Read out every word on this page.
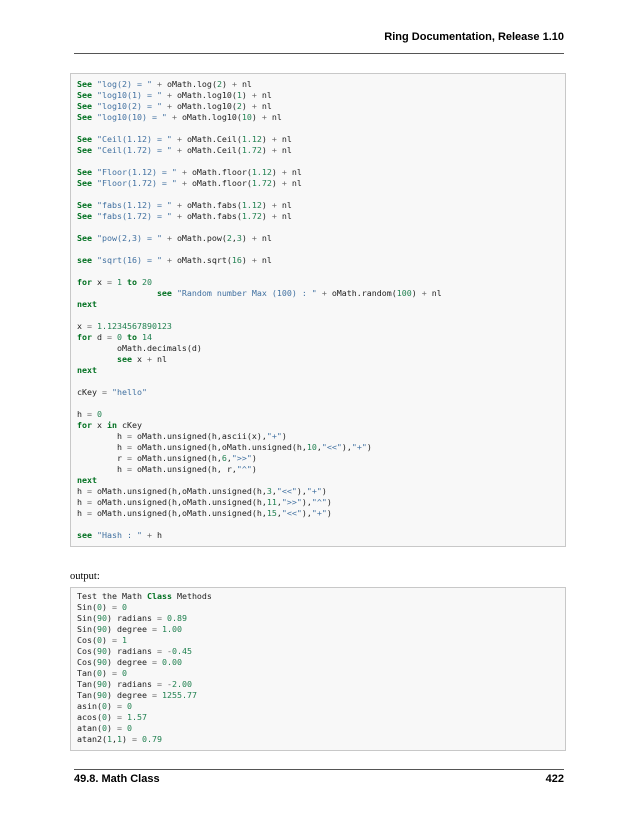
Ring Documentation, Release 1.10
See "log(2) = " + oMath.log(2) + nl
See "log10(1) = " + oMath.log10(1) + nl
See "log10(2) = " + oMath.log10(2) + nl
See "log10(10) = " + oMath.log10(10) + nl
See "Ceil(1.12) = " + oMath.Ceil(1.12) + nl
See "Ceil(1.72) = " + oMath.Ceil(1.72) + nl
See "Floor(1.12) = " + oMath.floor(1.12) + nl
See "Floor(1.72) = " + oMath.floor(1.72) + nl
See "fabs(1.12) = " + oMath.fabs(1.12) + nl
See "fabs(1.72) = " + oMath.fabs(1.72) + nl
See "pow(2,3) = " + oMath.pow(2,3) + nl
see "sqrt(16) = " + oMath.sqrt(16) + nl
for x = 1 to 20
see "Random number Max (100) : " + oMath.random(100) + nl
next
x = 1.1234567890123
for d = 0 to 14
oMath.decimals(d)
see x + nl
next
cKey = "hello"
h = 0
for x in cKey
h = oMath.unsigned(h,ascii(x),"+")
h = oMath.unsigned(h,oMath.unsigned(h,10,"<<"),"+")
r = oMath.unsigned(h,6,">>")
h = oMath.unsigned(h, r,"^")
next
h = oMath.unsigned(h,oMath.unsigned(h,3,"<<"),"+")
h = oMath.unsigned(h,oMath.unsigned(h,11,">>"),"^")
h = oMath.unsigned(h,oMath.unsigned(h,15,"<<"),"+")
see "Hash : " + h
output:
Test the Math Class Methods
Sin(0) = 0
Sin(90) radians = 0.89
Sin(90) degree = 1.00
Cos(0) = 1
Cos(90) radians = -0.45
Cos(90) degree = 0.00
Tan(0) = 0
Tan(90) radians = -2.00
Tan(90) degree = 1255.77
asin(0) = 0
acos(0) = 1.57
atan(0) = 0
atan2(1,1) = 0.79
49.8. Math Class	422
